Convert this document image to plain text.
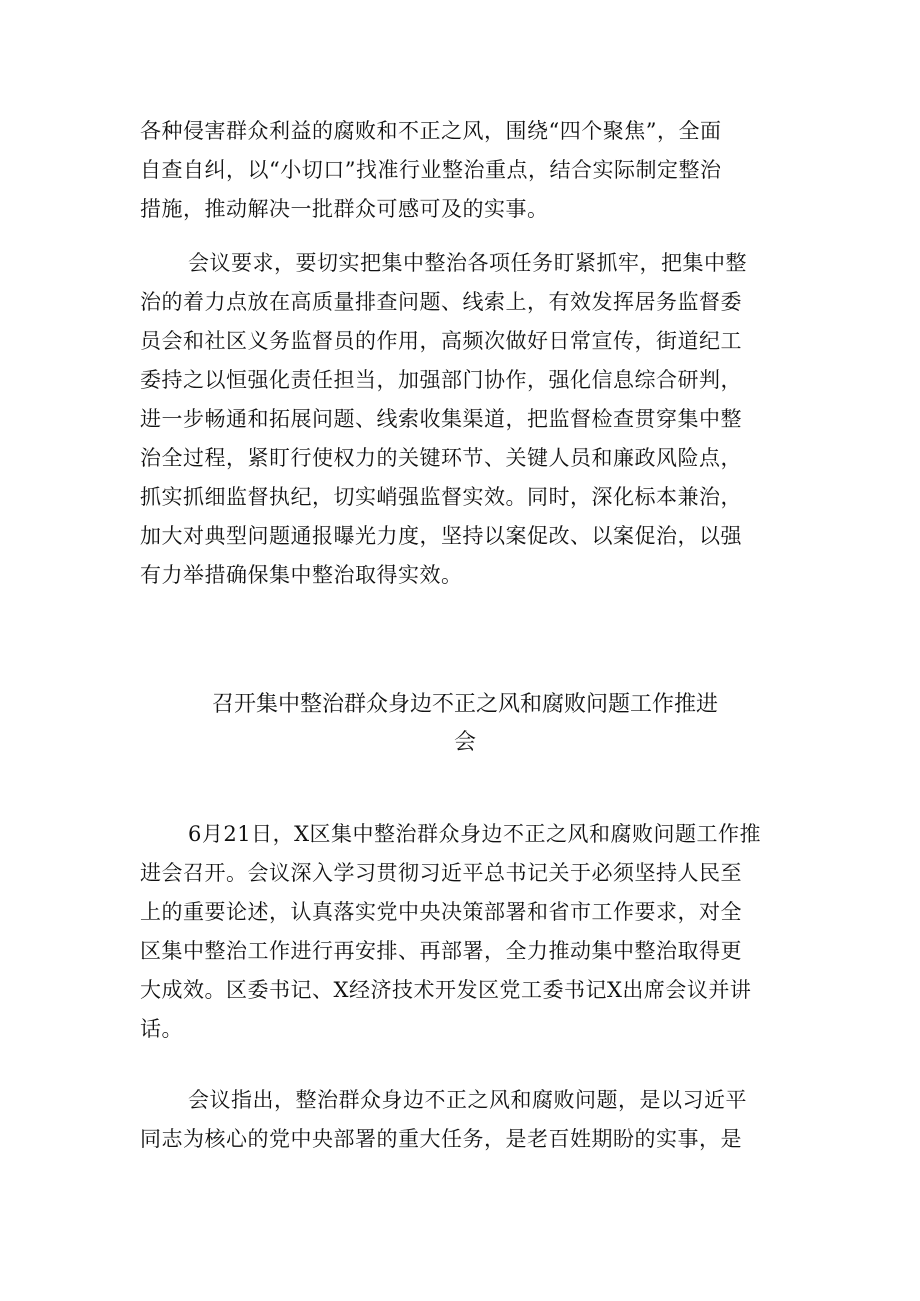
各种侵害群众利益的腐败和不正之风，围绕“四个聚焦”，全面
自查自纠，以“小切口”找准行业整治重点，结合实际制定整治
措施，推动解决一批群众可感可及的实事。

会议要求，要切实把集中整治各项任务盯紧抓牢，把集中整
治的着力点放在高质量排查问题、线索上，有效发挥居务监督委
员会和社区义务监督员的作用，高频次做好日常宣传，街道纪工
委持之以恒强化责任担当，加强部门协作，强化信息综合研判，
进一步畅通和拓展问题、线索收集渠道，把监督检查贯穿集中整
治全过程，紧盯行使权力的关键环节、关键人员和廉政风险点，
抓实抓细监督执纪，切实峭强监督实效。同时，深化标本兼治，
加大对典型问题通报曝光力度，坚持以案促改、以案促治，以强
有力举措确保集中整治取得实效。

召开集中整治群众身边不正之风和腐败问题工作推进
会

6月21日，X区集中整治群众身边不正之风和腐败问题工作推
进会召开。会议深入学习贯彻习近平总书记关于必须坚持人民至
上的重要论述，认真落实党中央决策部署和省市工作要求，对全
区集中整治工作进行再安排、再部署，全力推动集中整治取得更
大成效。区委书记、X经济技术开发区党工委书记X出席会议并讲
话。

会议指出，整治群众身边不正之风和腐败问题，是以习近平
同志为核心的党中央部署的重大任务，是老百姓期盼的实事，是
